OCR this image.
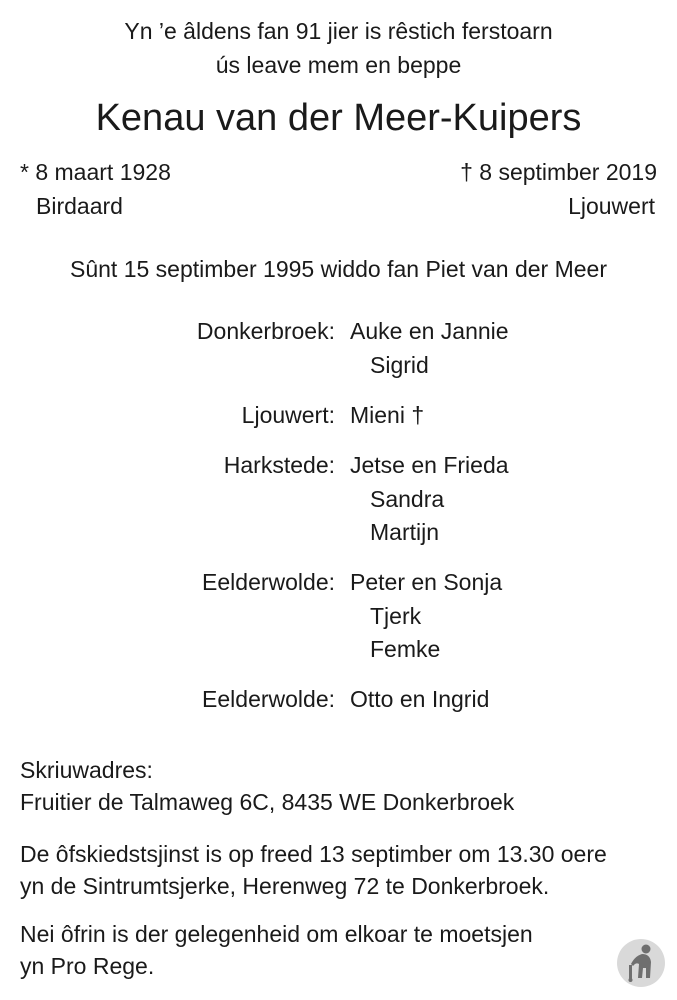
Yn ’e âldens fan 91 jier is rêstich ferstoarn
ús leave mem en beppe
Kenau van der Meer-Kuipers
* 8 maart 1928
Birdaard
† 8 septimber 2019
Ljouwert
Sûnt 15 septimber 1995 widdo fan Piet van der Meer
Donkerbroek: Auke en Jannie
Sigrid
Ljouwert: Mieni †
Harkstede: Jetse en Frieda
Sandra
Martijn
Eelderwolde: Peter en Sonja
Tjerk
Femke
Eelderwolde: Otto en Ingrid
Skriuwadres:
Fruitier de Talmaweg 6C, 8435 WE Donkerbroek
De ôfskiedstsjinst is op freed 13 septimber om 13.30 oere
yn de Sintrumtsjerke, Herenweg 72 te Donkerbroek.
Nei ôfrin is der gelegenheid om elkoar te moetsjen
yn Pro Rege.
